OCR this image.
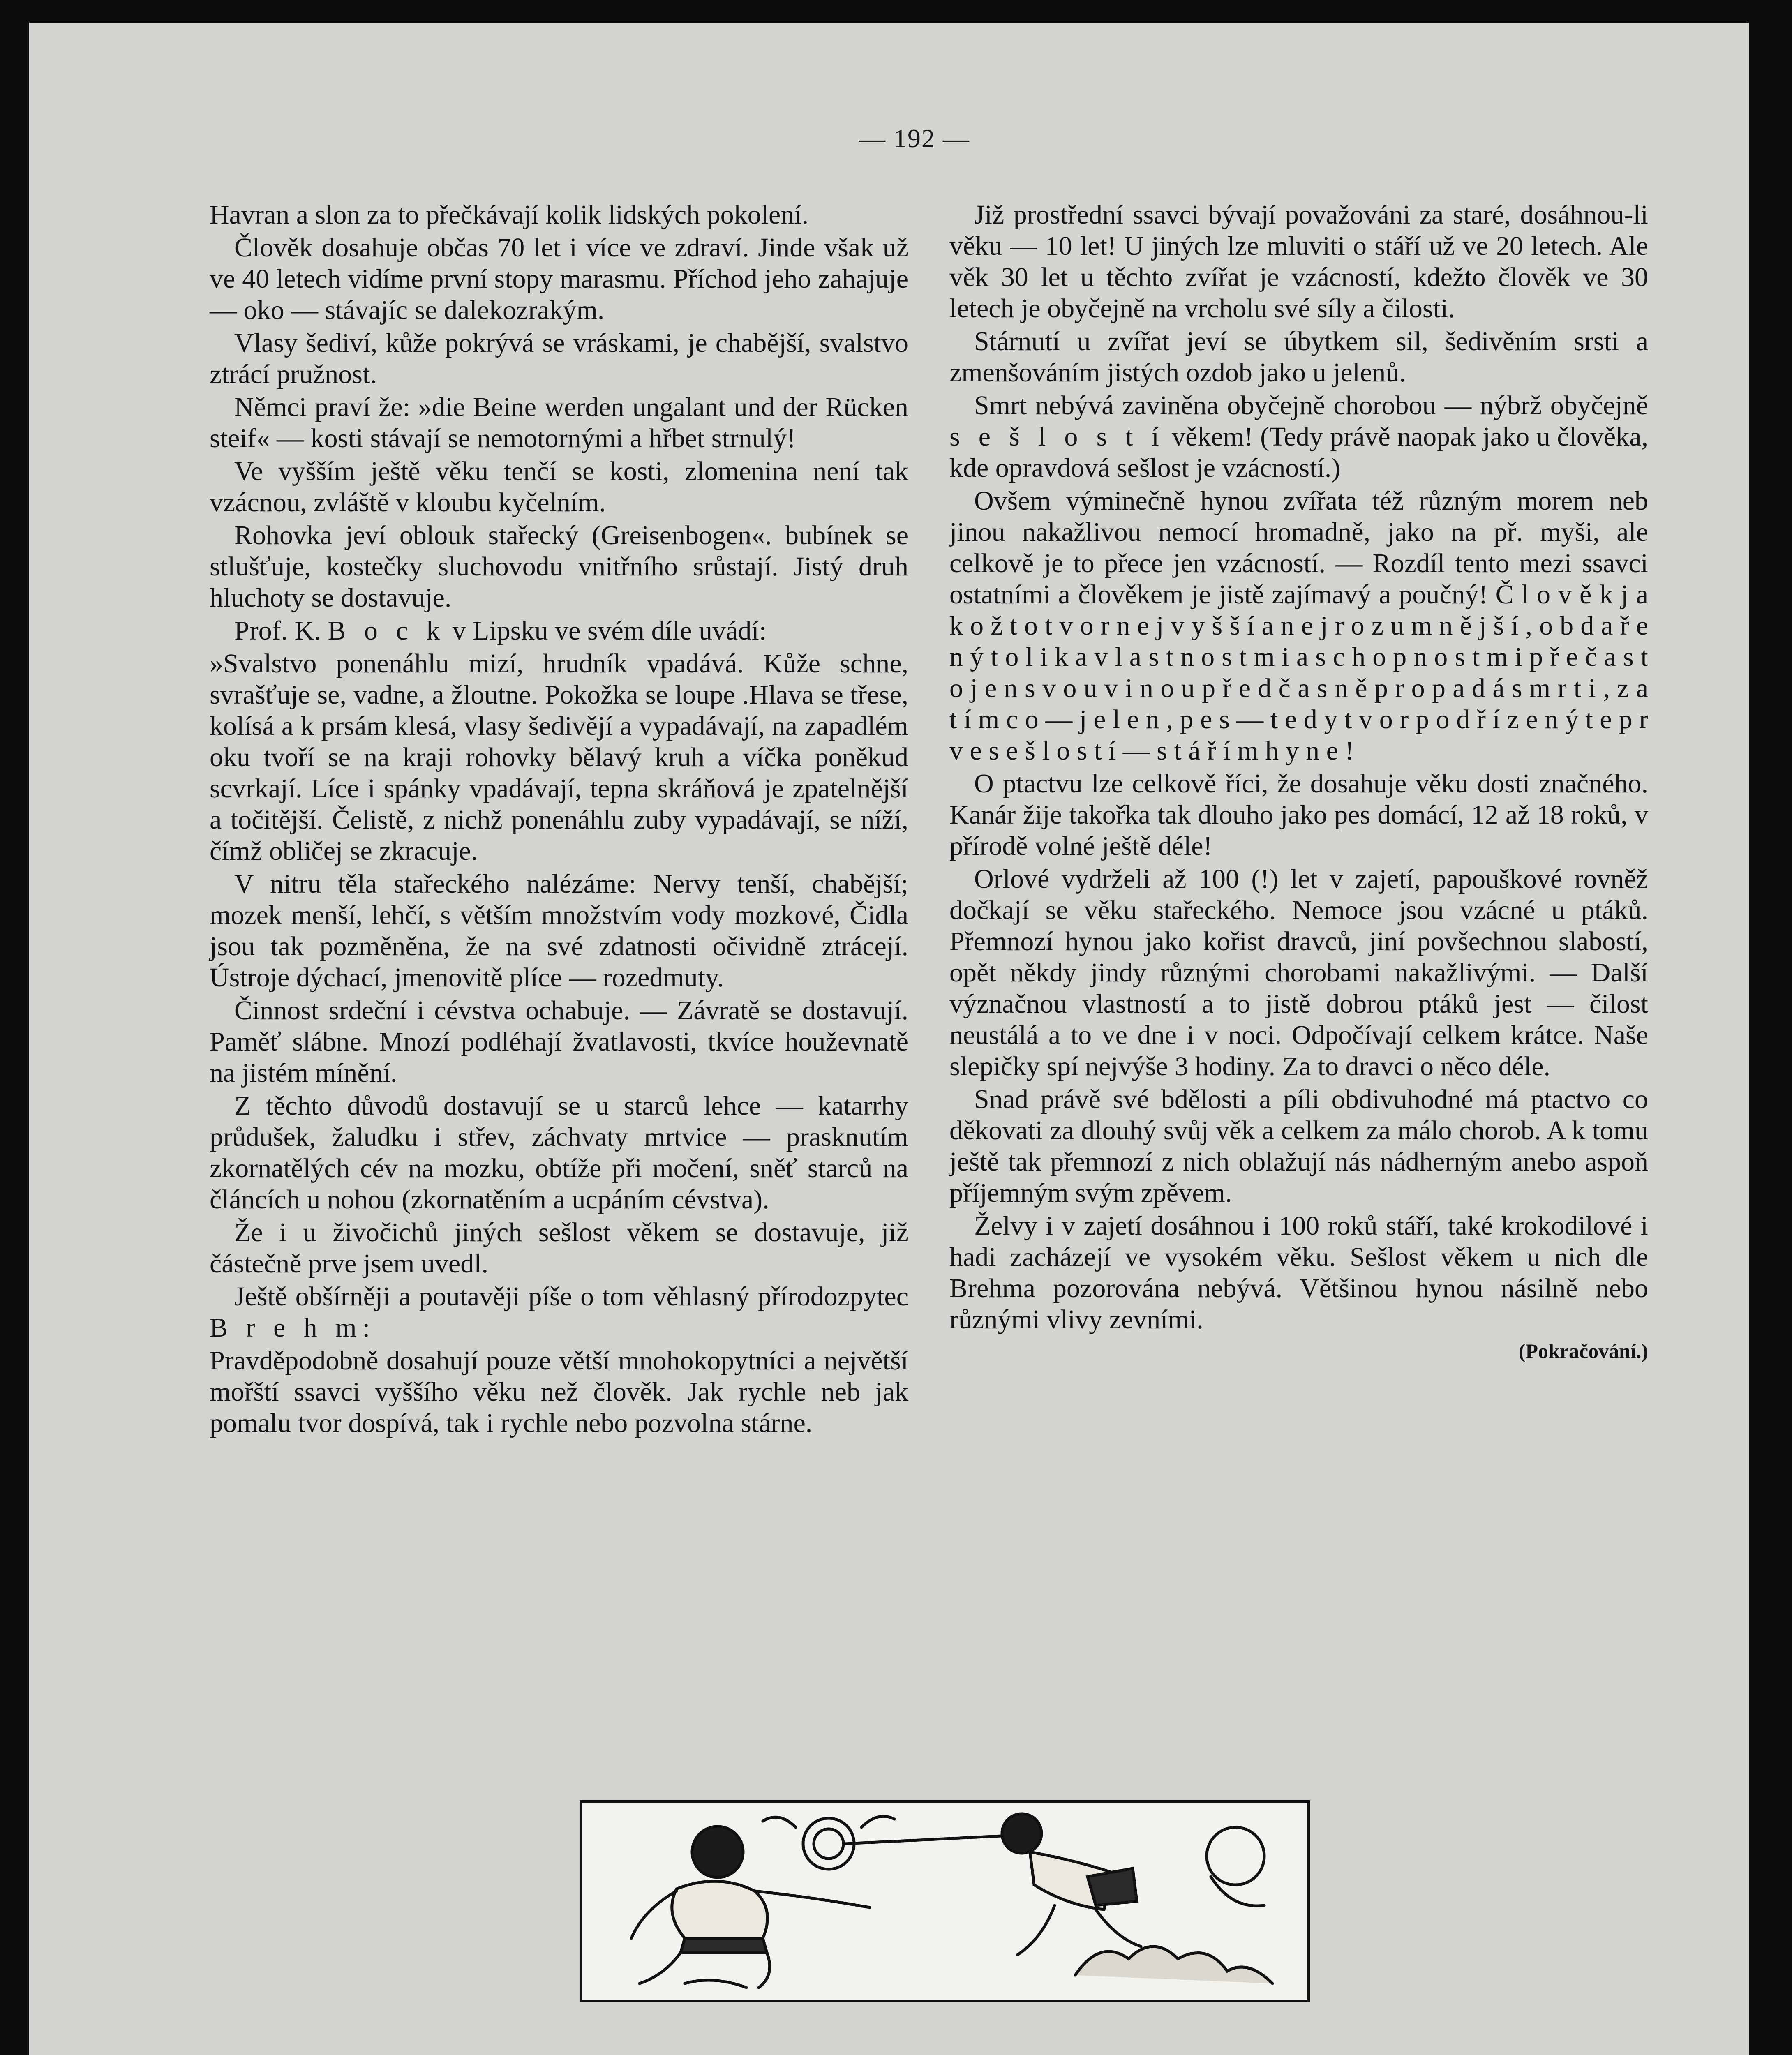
— 192 —

Havran a slon za to přečkávají kolik lidských pokolení.

Člověk dosahuje občas 70 let i více ve zdraví. Jinde však už ve 40 letech vidíme první stopy marasmu. Příchod jeho zahajuje — oko — stávajíc se dalekozrakým.

Vlasy šediví, kůže pokrývá se vráskami, je chabější, svalstvo ztrácí pružnost.

Němci praví že: »die Beine werden ungalant und der Rücken steif« — kosti stávají se nemotornými a hřbet strnulý!

Ve vyšším ještě věku tenčí se kosti, zlomenina není tak vzácnou, zvláště v kloubu kyčelním.

Rohovka jeví oblouk stařecký (Greisenbogen«. bubínek se stlušťuje, kostečky sluchovodu vnitřního srůstají. Jistý druh hluchoty se dostavuje.

Prof. K. B o c k v Lipsku ve svém díle uvádí:

»Svalstvo ponenáhlu mizí, hrudník vpadává. Kůže schne, svrašťuje se, vadne, a žloutne. Pokožka se loupe .Hlava se třese, kolísá a k prsám klesá, vlasy šedivějí a vypadávají, na zapadlém oku tvoří se na kraji rohovky bělavý kruh a víčka poněkud scvrkají. Líce i spánky vpadávají, tepna skráňová je zpatelnější a točitější. Čelistě, z nichž ponenáhlu zuby vypadávají, se níží, čímž obličej se zkracuje.

V nitru těla stařeckého nalézáme: Nervy tenší, chabější; mozek menší, lehčí, s větším množstvím vody mozkové, Čidla jsou tak pozměněna, že na své zdatnosti očividně ztrácejí. Ústroje dýchací, jmenovitě plíce — rozedmuty.

Činnost srdeční i cévstva ochabuje. — Závratě se dostavují. Paměť slábne. Mnozí podléhají žvatlavosti, tkvíce houževnatě na jistém mínění.

Z těchto důvodů dostavují se u starců lehce — katarrhy průdušek, žaludku i střev, záchvaty mrtvice — prasknutím zkornatělých cév na mozku, obtíže při močení, sněť starců na článcích u nohou (zkornatěním a ucpáním cévstva).

Že i u živočichů jiných sešlost věkem se dostavuje, již částečně prve jsem uvedl.

Ještě obšírněji a poutavěji píše o tom věhlasný přírodozpytec B r e h m:

Pravděpodobně dosahují pouze větší mnohokopytníci a největší mořští ssavci vyššího věku než člověk. Jak rychle neb jak pomalu tvor dospívá, tak i rychle nebo pozvolna stárne.

Již prostřední ssavci bývají považováni za staré, dosáhnou-li věku — 10 let! U jiných lze mluviti o stáří už ve 20 letech. Ale věk 30 let u těchto zvířat je vzácností, kdežto člověk ve 30 letech je obyčejně na vrcholu své síly a čilosti.

Stárnutí u zvířat jeví se úbytkem sil, šedivěním srsti a zmenšováním jistých ozdob jako u jelenů.

Smrt nebývá zaviněna obyčejně chorobou — nýbrž obyčejně s e š l o s t í věkem! (Tedy právě naopak jako u člověka, kde opravdová sešlost je vzácností.)

Ovšem výminečně hynou zvířata též různým morem neb jinou nakažlivou nemocí hromadně, jako na př. myši, ale celkově je to přece jen vzácností. — Rozdíl tento mezi ssavci ostatními a člověkem je jistě zajímavý a poučný! Č l o v ě k j a k o ž t o t v o r n e j v y š š í a n e j r o z u m n ě j š í , o b d a ř e n ý t o l i k a v l a s t n o s t m i a s c h o p n o s t m i p ř e č a s t o j e n s v o u v i n o u p ř e d č a s n ě p r o p a d á s m r t i , z a t í m c o — j e l e n , p e s — t e d y t v o r p o d ř í z e n ý t e p r v e s e š l o s t í — s t á ř í m h y n e !

O ptactvu lze celkově říci, že dosahuje věku dosti značného. Kanár žije takořka tak dlouho jako pes domácí, 12 až 18 roků, v přírodě volné ještě déle!

Orlové vydrželi až 100 (!) let v zajetí, papouškové rovněž dočkají se věku stařeckého. Nemoce jsou vzácné u ptáků. Přemnozí hynou jako kořist dravců, jiní povšechnou slabostí, opět někdy jindy různými chorobami nakažlivými. — Další význačnou vlastností a to jistě dobrou ptáků jest — čilost neustálá a to ve dne i v noci. Odpočívají celkem krátce. Naše slepičky spí nejvýše 3 hodiny. Za to dravci o něco déle.

Snad právě své bdělosti a píli obdivuhodné má ptactvo co děkovati za dlouhý svůj věk a celkem za málo chorob. A k tomu ještě tak přemnozí z nich oblažují nás nádherným anebo aspoň příjemným svým zpěvem.

Želvy i v zajetí dosáhnou i 100 roků stáří, také krokodilové i hadi zacházejí ve vysokém věku. Sešlost věkem u nich dle Brehma pozorována nebývá. Většinou hynou násilně nebo různými vlivy zevními.

(Pokračování.)
